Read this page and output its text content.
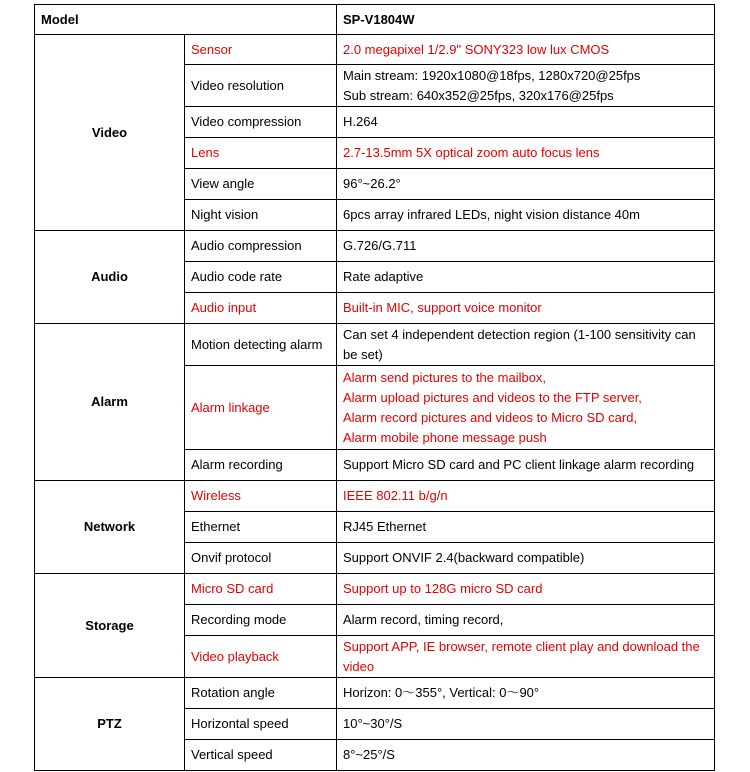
Model		SP-V1804W
Video	Sensor	2.0 megapixel 1/2.9" SONY323 low lux CMOS

	Video resolution	Main stream: 1920x1080@18fps, 1280x720@25fps
Sub stream: 640x352@25fps, 320x176@25fps

	Video compression	H.264

	Lens	2.7-13.5mm 5X optical zoom auto focus lens

	View angle	96°~26.2°

	Night vision	6pcs array infrared LEDs, night vision distance 40m

Audio	Audio compression	G.726/G.711

	Audio code rate	Rate adaptive

	Audio input	Built-in MIC, support voice monitor

Alarm	Motion detecting alarm	Can set 4 independent detection region (1-100 sensitivity can
be set)

	Alarm linkage	Alarm send pictures to the mailbox,
Alarm upload pictures and videos to the FTP server,
Alarm record pictures and videos to Micro SD card,
Alarm mobile phone message push

	Alarm recording	Support Micro SD card and PC client linkage alarm recording

Network	Wireless	IEEE 802.11 b/g/n

	Ethernet	RJ45 Ethernet

	Onvif protocol	Support ONVIF 2.4(backward compatible)

Storage	Micro SD card	Support up to 128G micro SD card

	Recording mode	Alarm record, timing record,

	Video playback	Support APP, IE browser, remote client play and download the
video

PTZ	Rotation angle	Horizon: 0～355°, Vertical: 0～90°

	Horizontal speed	10°~30°/S

	Vertical speed	8°~25°/S
